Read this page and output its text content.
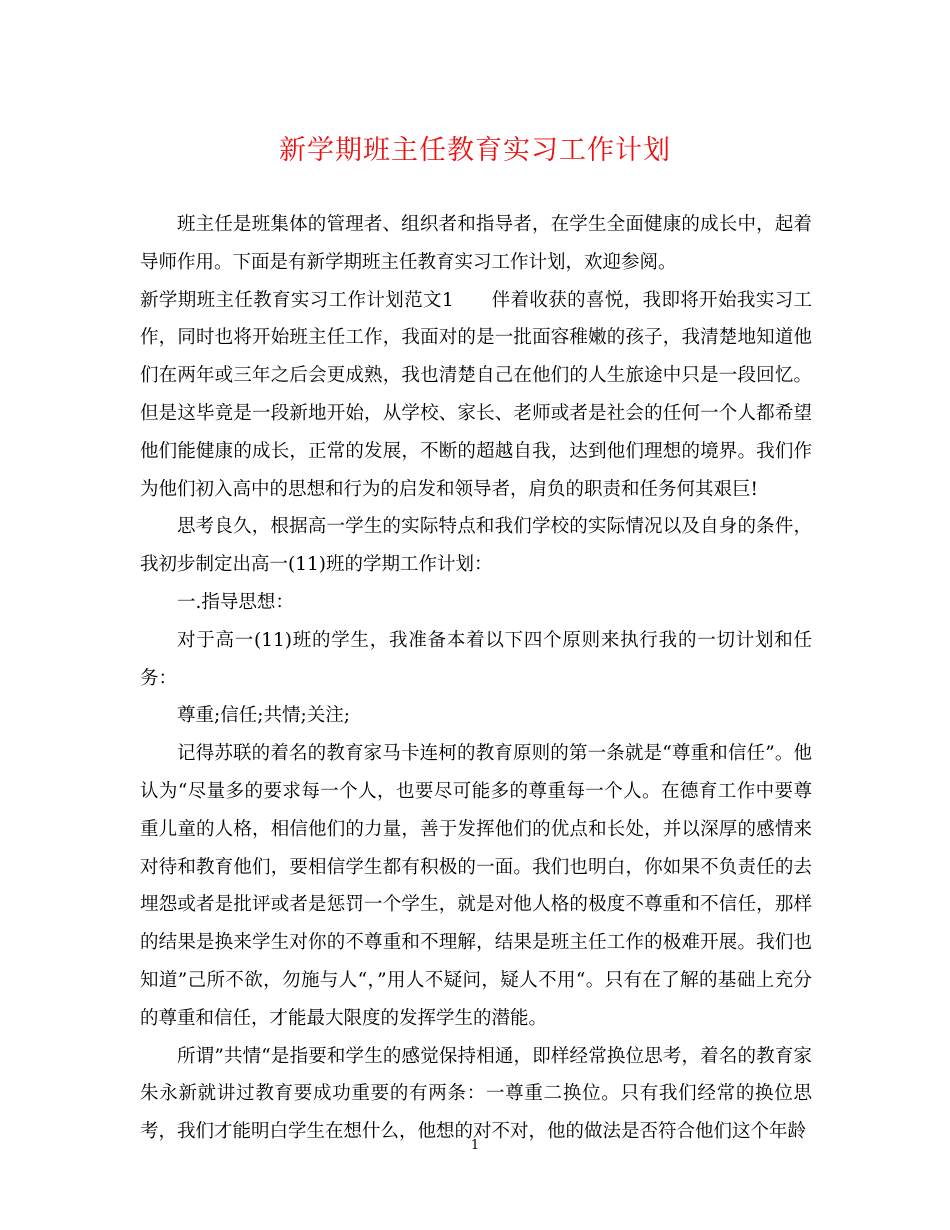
新学期班主任教育实习工作计划

班主任是班集体的管理者、组织者和指导者，在学生全面健康的成长中，起着导师作用。下面是有新学期班主任教育实习工作计划，欢迎参阅。

新学期班主任教育实习工作计划范文1　　伴着收获的喜悦，我即将开始我实习工作，同时也将开始班主任工作，我面对的是一批面容稚嫩的孩子，我清楚地知道他们在两年或三年之后会更成熟，我也清楚自己在他们的人生旅途中只是一段回忆。但是这毕竟是一段新地开始，从学校、家长、老师或者是社会的任何一个人都希望他们能健康的成长，正常的发展，不断的超越自我，达到他们理想的境界。我们作为他们初入高中的思想和行为的启发和领导者，肩负的职责和任务何其艰巨!

思考良久，根据高一学生的实际特点和我们学校的实际情况以及自身的条件，我初步制定出高一(11)班的学期工作计划：

一.指导思想：

对于高一(11)班的学生，我准备本着以下四个原则来执行我的一切计划和任务：

尊重;信任;共情;关注;

记得苏联的着名的教育家马卡连柯的教育原则的第一条就是“尊重和信任”。他认为“尽量多的要求每一个人，也要尽可能多的尊重每一个人。在德育工作中要尊重儿童的人格，相信他们的力量，善于发挥他们的优点和长处，并以深厚的感情来对待和教育他们，要相信学生都有积极的一面。我们也明白，你如果不负责任的去埋怨或者是批评或者是惩罚一个学生，就是对他人格的极度不尊重和不信任，那样的结果是换来学生对你的不尊重和不理解，结果是班主任工作的极难开展。我们也知道”己所不欲，勿施与人“，”用人不疑问，疑人不用“。只有在了解的基础上充分的尊重和信任，才能最大限度的发挥学生的潜能。

所谓”共情“是指要和学生的感觉保持相通，即样经常换位思考，着名的教育家朱永新就讲过教育要成功重要的有两条：一尊重二换位。只有我们经常的换位思考，我们才能明白学生在想什么，他想的对不对，他的做法是否符合他们这个年龄

1
